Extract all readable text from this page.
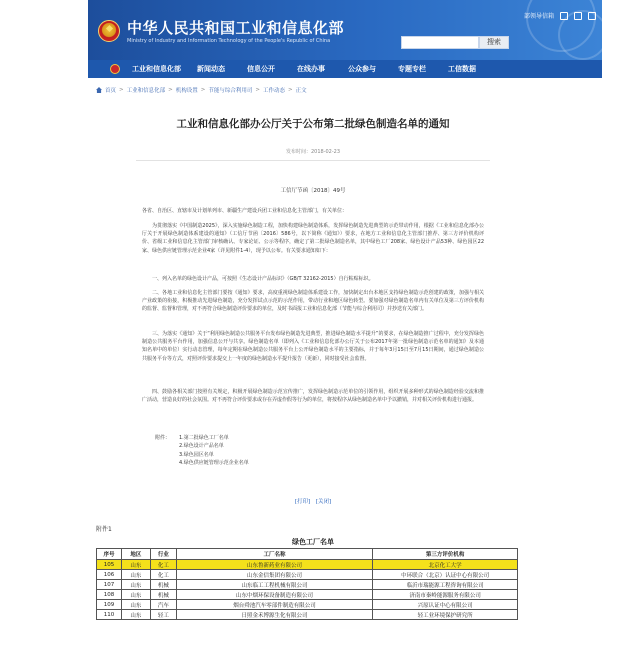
中华人民共和国工业和信息化部
Ministry of Industry and Information Technology of the People's Republic of China
部领导信箱
搜索
工业和信息化部 新闻动态	信息公开	在线办事	公众参与	专题专栏	工信数据
首页 > 工业和信息化部 > 机构设置 > 节能与综合利用司 > 工作动态 > 正文
工业和信息化部办公厅关于公布第二批绿色制造名单的通知
发布时间：2018-02-23
工信厅节函〔2018〕49号
各省、自治区、直辖市及计划单列市、新疆生产建设兵团工业和信息化主管部门，有关单位：
为贯彻落实《中国制造2025》，深入实施绿色制造工程，加快构建绿色制造体系，发挥绿色制造先进典型的示范带动作用，根据《工业和信息化部办公厅关于开展绿色制造体系建设的通知》（工信厅节函〔2016〕586号，以下简称《通知》）要求，在地方工业和信息化主管部门推荐、第三方评价机构评价、省级工业和信息化主管部门审核确认、专家论证、公示等程序，确定了第二批绿色制造名单，其中绿色工厂208家、绿色设计产品53种、绿色园区22家、绿色供应链管理示范企业4家（详见附件1-4），现予以公布。有关要求通知如下：
一、列入名单的绿色设计产品，可按照《生态设计产品标识》（GB/T 32162-2015）自行粘贴标识。
二、各地工业和信息化主管部门要按《通知》要求，高度重视绿色制造体系建设工作，加快制定出台本地区支持绿色制造示范创建的政策，加强与相关产业政策的衔接，积极推动先进绿色制造，充分发挥试点示范的示范作用，带动行业和地区绿色转型。要加强对绿色制造名单内有关单位及第三方评价机构的监督、监督和管理，对不再符合绿色制造评价要求的单位，及时书面报工业和信息化部（节能与综合利用司）并抄送有关部门。
三、为落实《通知》关于“利用绿色制造公共服务平台发布绿色制造先进典型，推进绿色制造水平提升”的要求，在绿色制造推广过程中，充分发挥绿色制造公共服务平台作用，加强信息公开与共享。绿色制造名单（即列入《工业和信息化部办公厅关于公布2017年第一批绿色制造示范名单的通知》及本通知名单中的单位）实行动态管理，每年定期在绿色制造公共服务平台上公开绿色制造水平的主要指标，并于每年3月15日至7月15日期间，通过绿色制造公共服务平台等方式，对照评价要求提交上一年度的绿色制造水平提升报告（更新），同时接受社会监督。
四、鼓励各相关部门按照有关规定，积极开展绿色制造示范宣传推广，发挥绿色制造示范单位的引领作用，组织开展多种形式的绿色制造经验交流和推广活动，营造良好的社会氛围。对不再符合评价要求或存在弄虚作假等行为的单位，将按程序从绿色制造名单中予以撤销，并对相关评价机构进行通报。
附件： 1.第二批绿色工厂名单
2.绿色设计产品名单
3.绿色园区名单
4.绿色供应链管理示范企业名单
[打印] [关闭]
附件1
绿色工厂名单
序号	地区	行业	工厂名称	第三方评价机构
105	山东	化工	山东鲁新药业有限公司	北京化工大学
106	山东	化工	山东金信集团有限公司	中环联合（北京）认证中心有限公司
107	山东	机械	山东临工工程机械有限公司	临沂市瑞能源工程咨询有限公司
108	山东	机械	山东中烟环保设备制造有限公司	济南市秦岭能源服务有限公司
109	山东	汽车	烟台舜池汽车零部件制造有限公司	兴原认证中心有限公司
110	山东	轻工	日照金禾博源生化有限公司	轻工业环境保护研究所
